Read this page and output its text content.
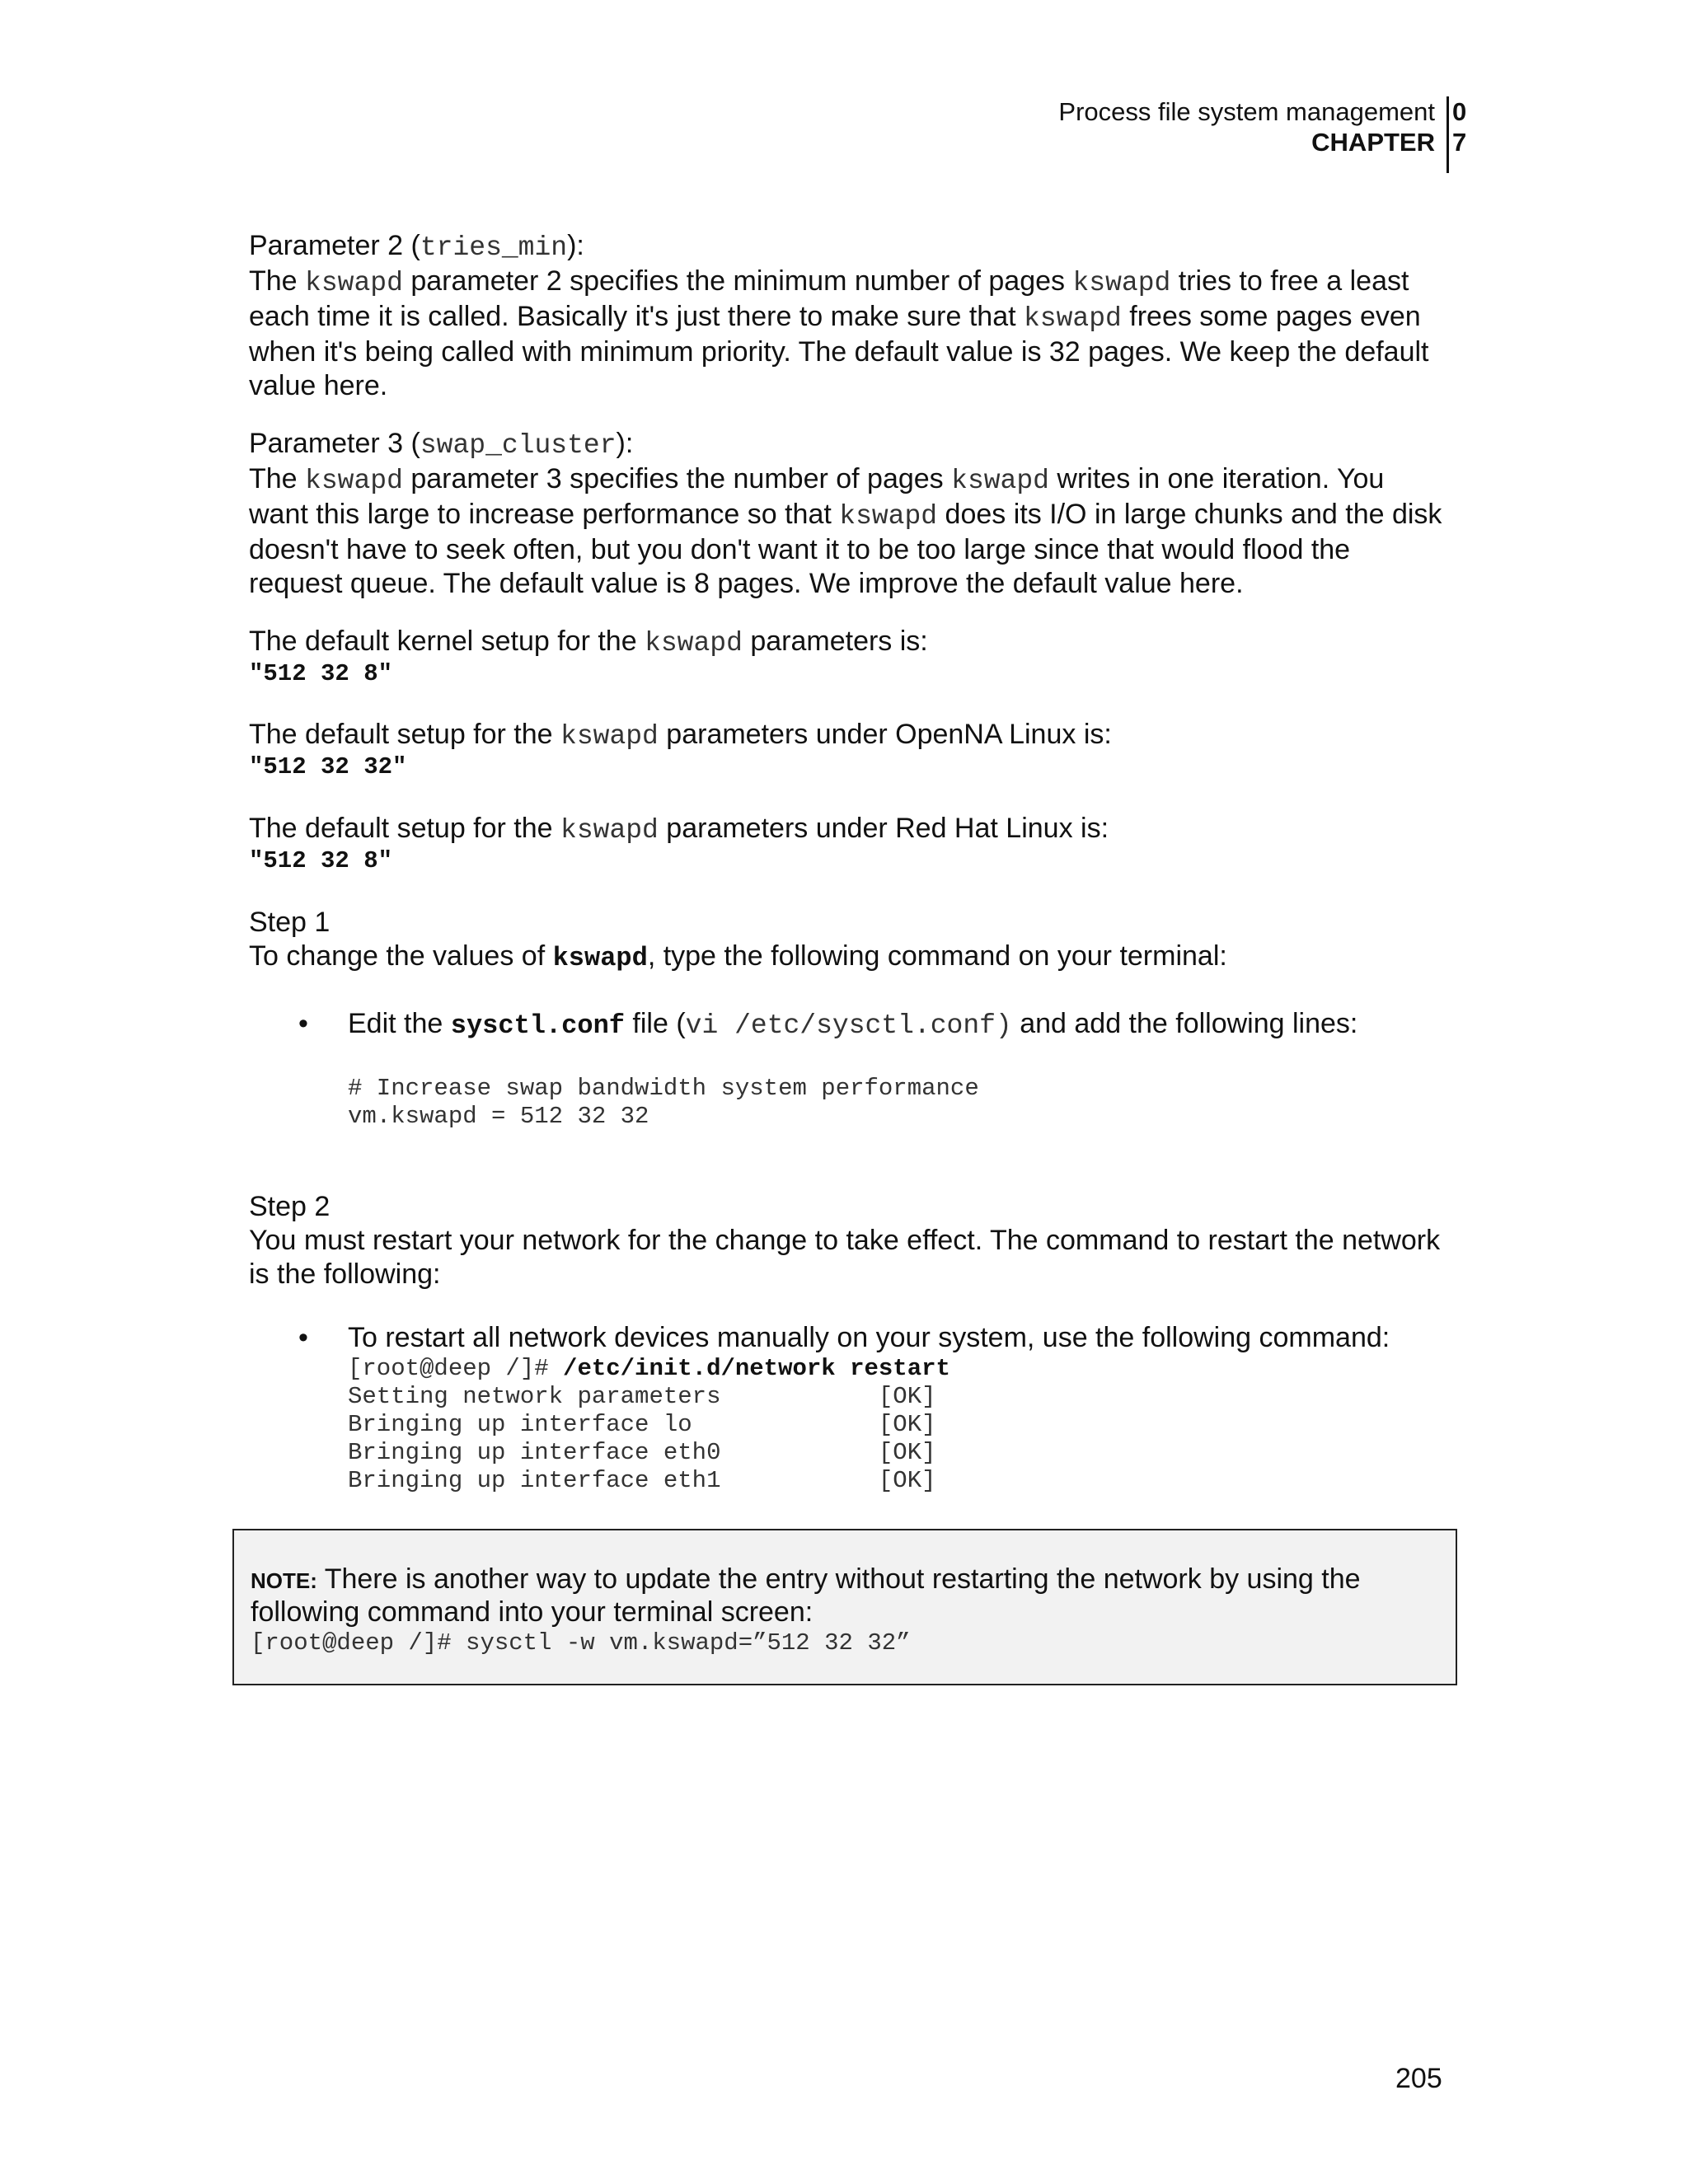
Process file system management
CHAPTER
0
7

Parameter 2 (tries_min):

The kswapd parameter 2 specifies the minimum number of pages kswapd tries to free a least each time it is called. Basically it's just there to make sure that kswapd frees some pages even when it's being called with minimum priority. The default value is 32 pages. We keep the default value here.

Parameter 3 (swap_cluster):

The kswapd parameter 3 specifies the number of pages kswapd writes in one iteration. You want this large to increase performance so that kswapd does its I/O in large chunks and the disk doesn't have to seek often, but you don't want it to be too large since that would flood the request queue. The default value is 8 pages. We improve the default value here.

The default kernel setup for the kswapd parameters is:

"512 32 8"

The default setup for the kswapd parameters under OpenNA Linux is:

"512 32 32"

The default setup for the kswapd parameters under Red Hat Linux is:

"512 32 8"

Step 1

To change the values of kswapd, type the following command on your terminal:

• Edit the sysctl.conf file (vi /etc/sysctl.conf) and add the following lines:

# Increase swap bandwidth system performance
vm.kswapd = 512 32 32

Step 2

You must restart your network for the change to take effect. The command to restart the network is the following:

• To restart all network devices manually on your system, use the following command:

[root@deep /]# /etc/init.d/network restart
Setting network parameters           [OK]
Bringing up interface lo             [OK]
Bringing up interface eth0           [OK]
Bringing up interface eth1           [OK]

NOTE: There is another way to update the entry without restarting the network by using the following command into your terminal screen:

[root@deep /]# sysctl -w vm.kswapd=”512 32 32”

205
